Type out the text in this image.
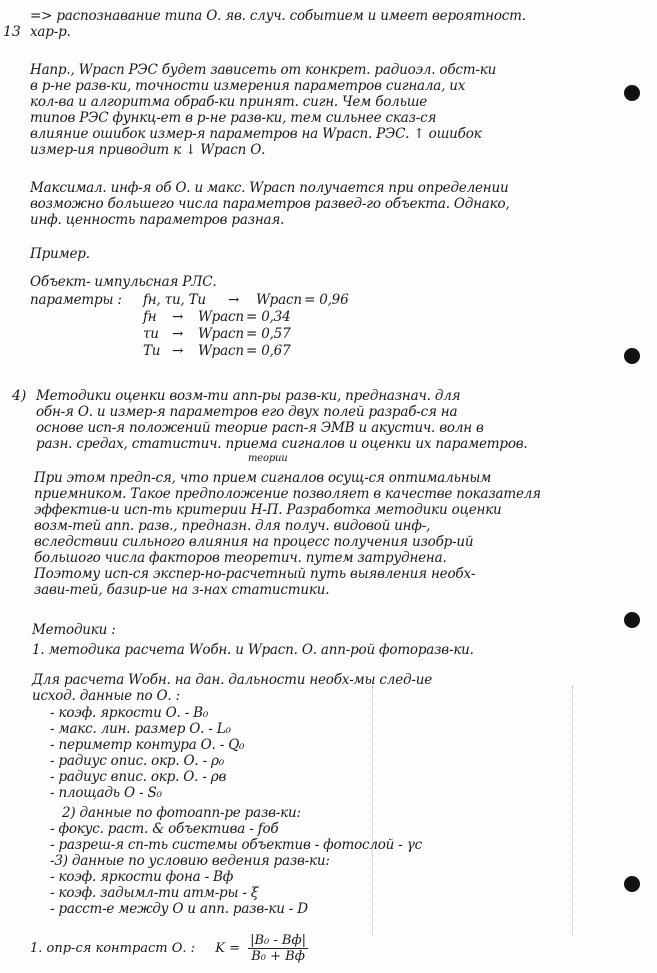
13
=> распознавание типа О. яв. случ. событием и имеет вероятност.
хар-р.
Напр., Wрасп РЭС будет зависеть от конкрет. радиоэл. обст-ки
в р-не разв-ки, точности измерения параметров сигнала, их
кол-ва и алгоритма обраб-ки принят. сигн. Чем больше
типов РЭС функц-ет в р-не разв-ки, тем сильнее сказ-ся
влияние ошибок измер-я параметров на Wрасп. РЭС. ↑ ошибок
измер-ия приводит к ↓ Wрасп О.
Максимал. инф-я об О. и макс. Wрасп получается при определении
возможно большего числа параметров развед-го объекта. Однако,
инф. ценность параметров разная.
Пример.
Объект- импульсная РЛС.
параметры : fн, τи, Tи → Wрасп = 0,96
fн → Wрасп = 0,34
τи → Wрасп = 0,57
Tи → Wрасп = 0,67
4) Методики оценки возм-ти апп-ры разв-ки, предназнач. для
обн-я О. и измер-я параметров его двух полей разраб-ся на
основе исп-я положений теорие расп-я ЭМВ и акустич. волн в
разн. средах, статистич. приема сигналов и оценки их параметров.
теории
При этом предп-ся, что прием сигналов осущ-ся оптимальным
приемником. Такое предположение позволяет в качестве показателя
эффектив-и исп-ть критерии Н-П. Разработка методики оценки
возм-тей апп. разв., предназн. для получ. видовой инф-,
вследствии сильного влияния на процесс получения изобр-ий
большого числа факторов теоретич. путем затруднена.
Поэтому исп-ся экспер-но-расчетный путь выявления необх-
зави-тей, базир-ие на з-нах статистики.
Методики :
1. методика расчета Wобн. и Wрасп. О. апп-рой фоторазв-ки.
Для расчета Wобн. на дан. дальности необх-мы след-ие
исход. данные по О. :
- коэф. яркости О. - В₀
- макс. лин. размер О. - L₀
- периметр контура О. - Q₀
- радиус опис. окр. О. - ρ₀
- радиус впис. окр. О. - ρв
- площадь О - S₀
2) данные по фотоапп-ре разв-ки:
- фокус. раст. & объектива - fоб
- разреш-я сп-ть системы объектив - фотослой - γс
-3) данные по условию ведения разв-ки:
- коэф. яркости фона - Вф
- коэф. задымл-ти атм-ры - ξ
- расст-е между О и апп. разв-ки - D
1. опр-ся контраст О. : $K = \frac{\text{|B₀ - Bф|}}{\text{B₀ + Bф}}$
